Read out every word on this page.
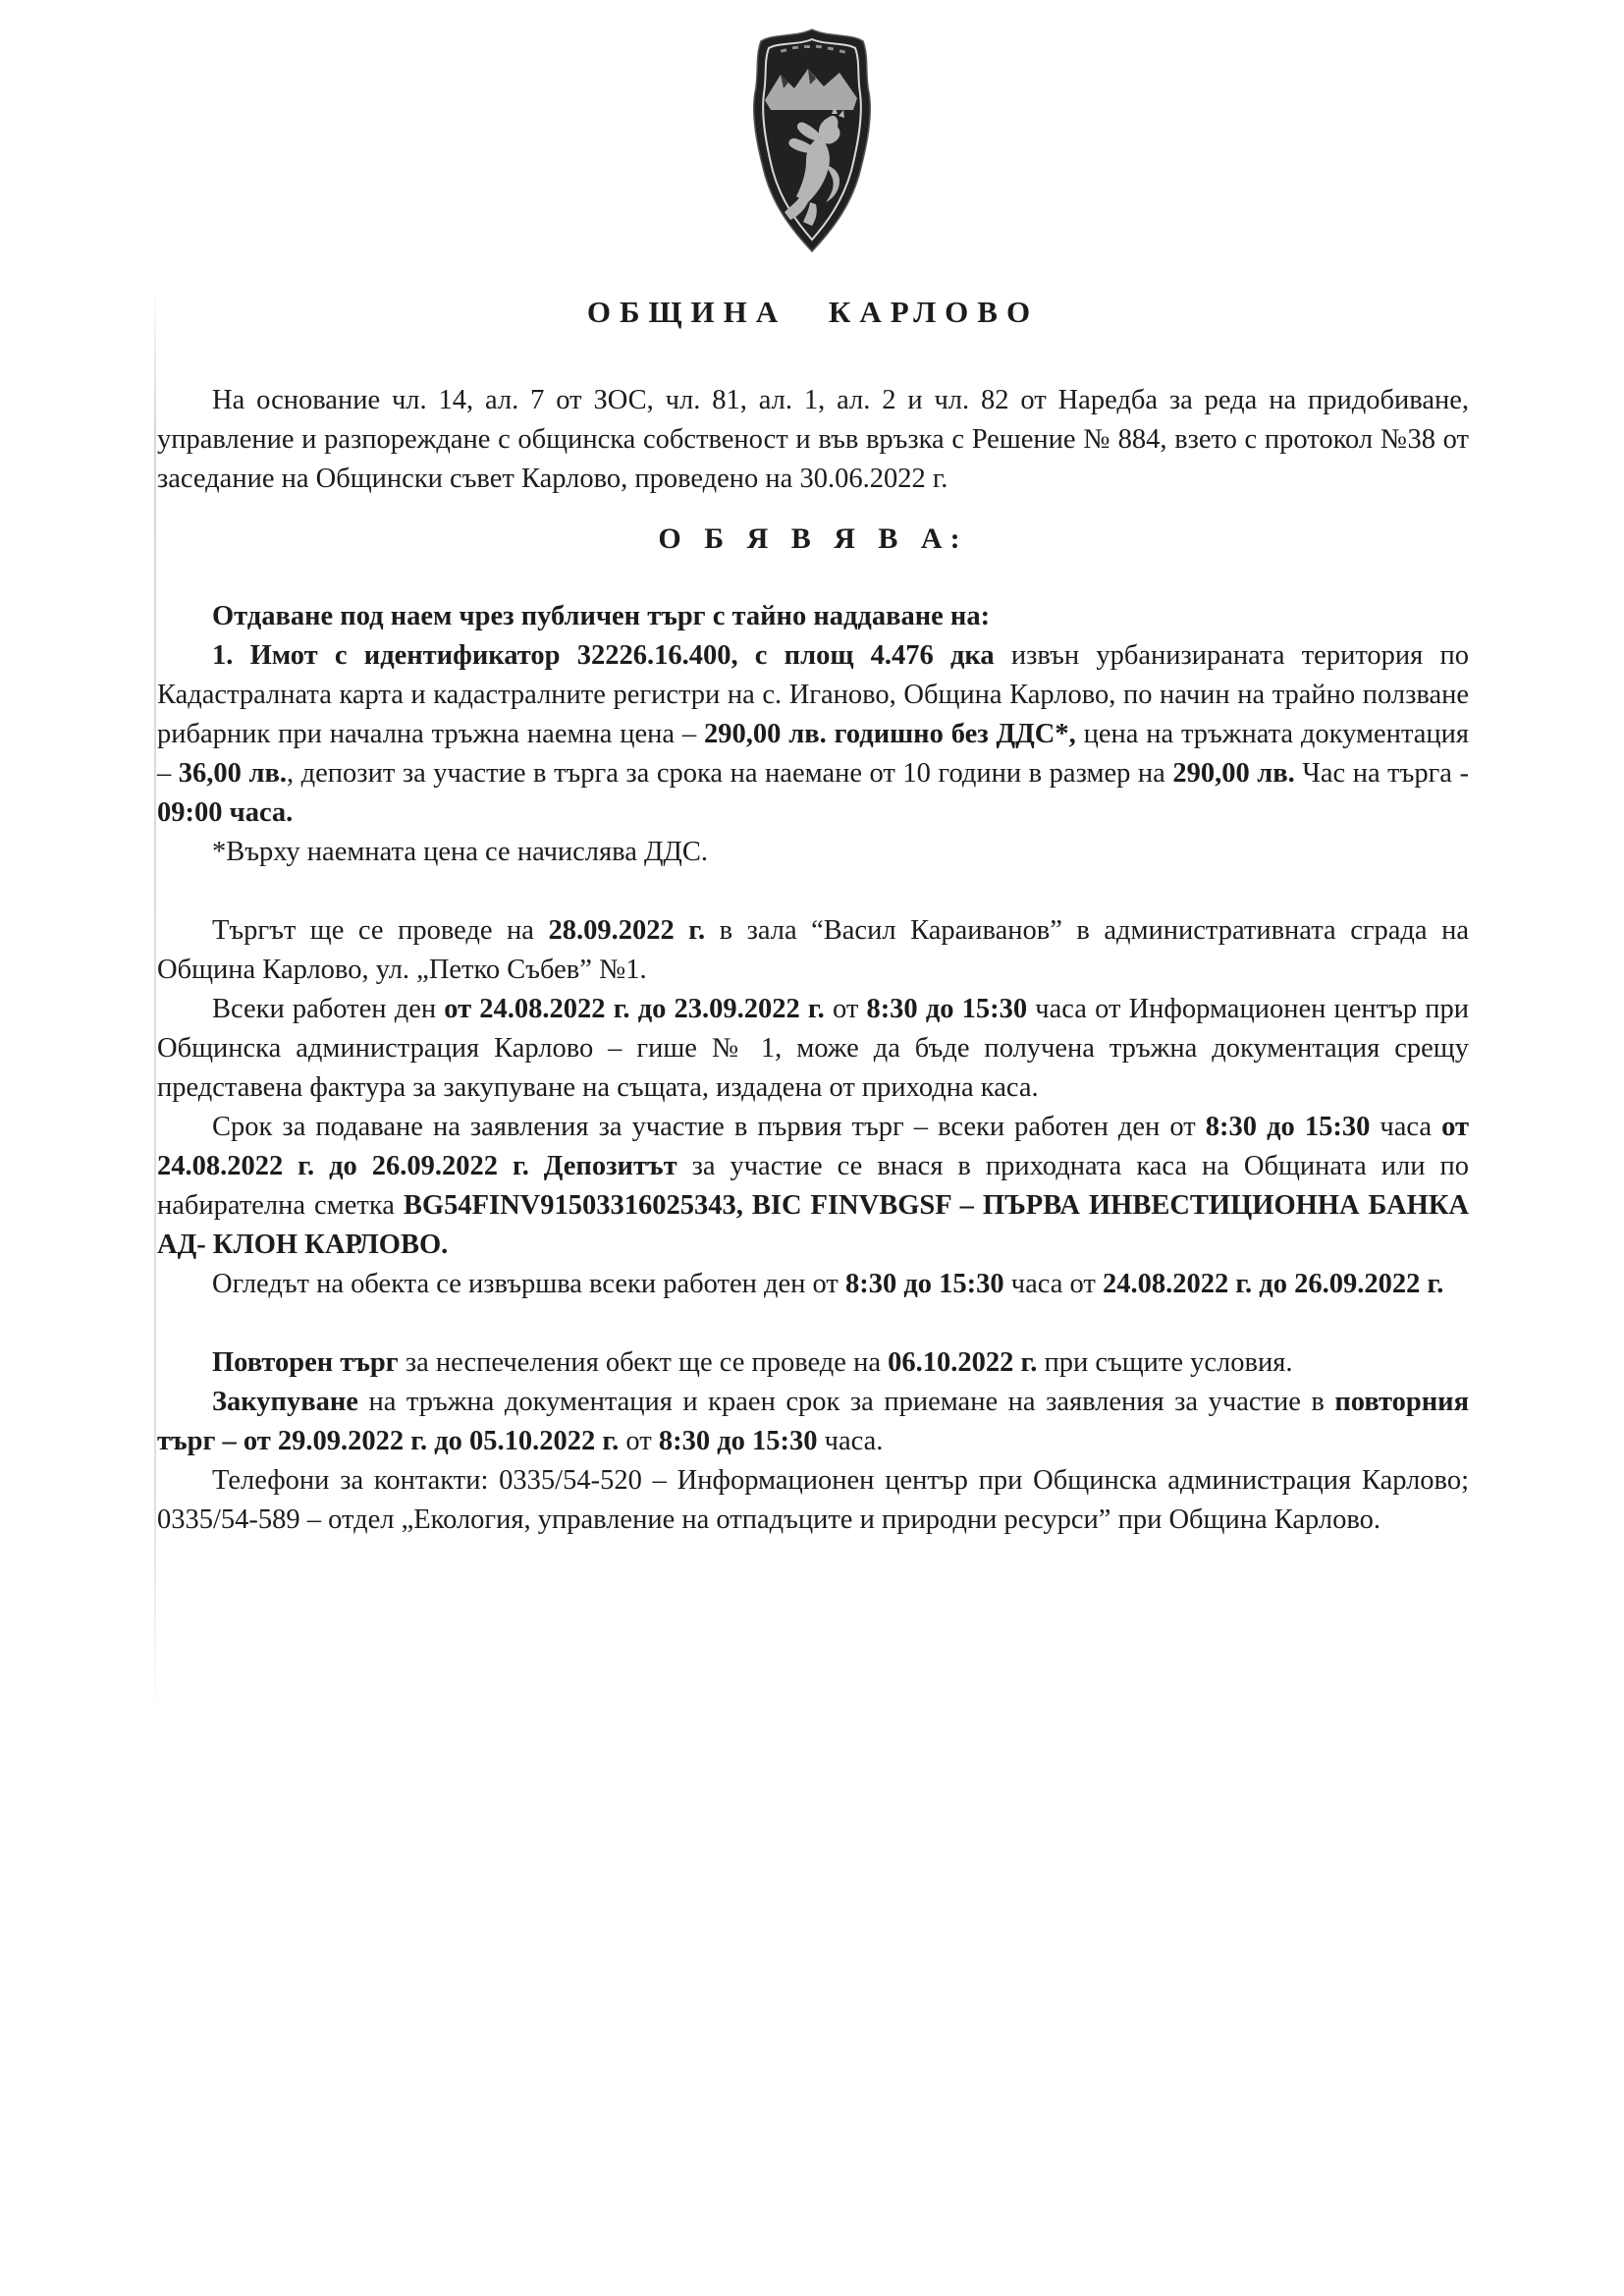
ОБЩИНА КАРЛОВО

На основание чл. 14, ал. 7 от ЗОС, чл. 81, ал. 1, ал. 2 и чл. 82 от Наредба за реда на придобиване, управление и разпореждане с общинска собственост и във връзка с Решение № 884, взето с протокол №38 от заседание на Общински съвет Карлово, проведено на 30.06.2022 г.

О Б Я В Я В А:

Отдаване под наем чрез публичен търг с тайно наддаване на:

1. Имот с идентификатор 32226.16.400, с площ 4.476 дка извън урбанизираната територия по Кадастралната карта и кадастралните регистри на с. Иганово, Община Карлово, по начин на трайно ползване рибарник при начална тръжна наемна цена – 290,00 лв. годишно без ДДС*, цена на тръжната документация – 36,00 лв., депозит за участие в търга за срока на наемане от 10 години в размер на 290,00 лв. Час на търга - 09:00 часа.

*Върху наемната цена се начислява ДДС.

Търгът ще се проведе на 28.09.2022 г. в зала “Васил Караиванов” в административната сграда на Община Карлово, ул. „Петко Събев” №1.

Всеки работен ден от 24.08.2022 г. до 23.09.2022 г. от 8:30 до 15:30 часа от Информационен център при Общинска администрация Карлово – гише № 1, може да бъде получена тръжна документация срещу представена фактура за закупуване на същата, издадена от приходна каса.

Срок за подаване на заявления за участие в първия търг – всеки работен ден от 8:30 до 15:30 часа от 24.08.2022 г. до 26.09.2022 г. Депозитът за участие се внася в приходната каса на Общината или по набирателна сметка BG54FINV91503316025343, BIC FINVBGSF – ПЪРВА ИНВЕСТИЦИОННА БАНКА АД- КЛОН КАРЛОВО.

Огледът на обекта се извършва всеки работен ден от 8:30 до 15:30 часа от 24.08.2022 г. до 26.09.2022 г.

Повторен търг за неспечеления обект ще се проведе на 06.10.2022 г. при същите условия.

Закупуване на тръжна документация и краен срок за приемане на заявления за участие в повторния търг – от 29.09.2022 г. до 05.10.2022 г. от 8:30 до 15:30 часа.

Телефони за контакти: 0335/54-520 – Информационен център при Общинска администрация Карлово; 0335/54-589 – отдел „Екология, управление на отпадъците и природни ресурси” при Община Карлово.
